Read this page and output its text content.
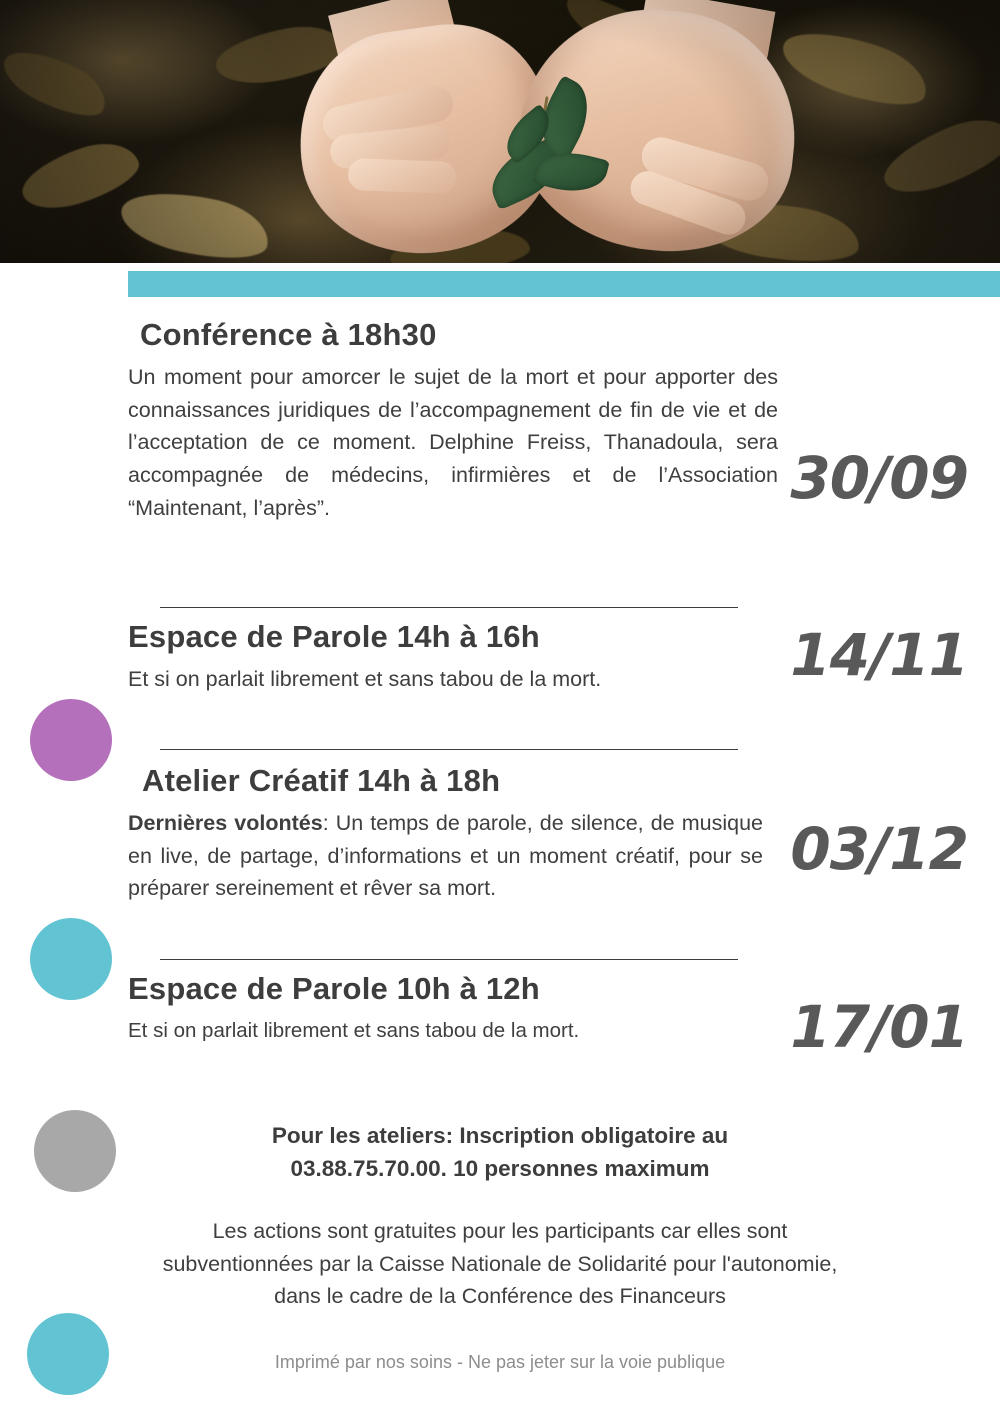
30/09
Conférence à 18h30

Un moment pour amorcer le sujet de la mort et pour apporter des connaissances juridiques de l’accompagnement de fin de vie et de l’acceptation de ce moment. Delphine Freiss, Thanadoula, sera accompagnée de médecins, infirmières et de l’Association “Maintenant, l’après”.

14/11
Espace de Parole 14h à 16h

Et si on parlait librement et sans tabou de la mort.

03/12
Atelier Créatif 14h à 18h

Dernières volontés: Un temps de parole, de silence, de musique en live, de partage, d’informations et un moment créatif, pour se préparer sereinement et rêver sa mort.

17/01
Espace de Parole 10h à 12h

Et si on parlait librement et sans tabou de la mort.

Pour les ateliers: Inscription obligatoire au
03.88.75.70.00. 10 personnes maximum
Les actions sont gratuites pour les participants car elles sont
subventionnées par la Caisse Nationale de Solidarité pour l'autonomie,
dans le cadre de la Conférence des Financeurs
Imprimé par nos soins - Ne pas jeter sur la voie publique
